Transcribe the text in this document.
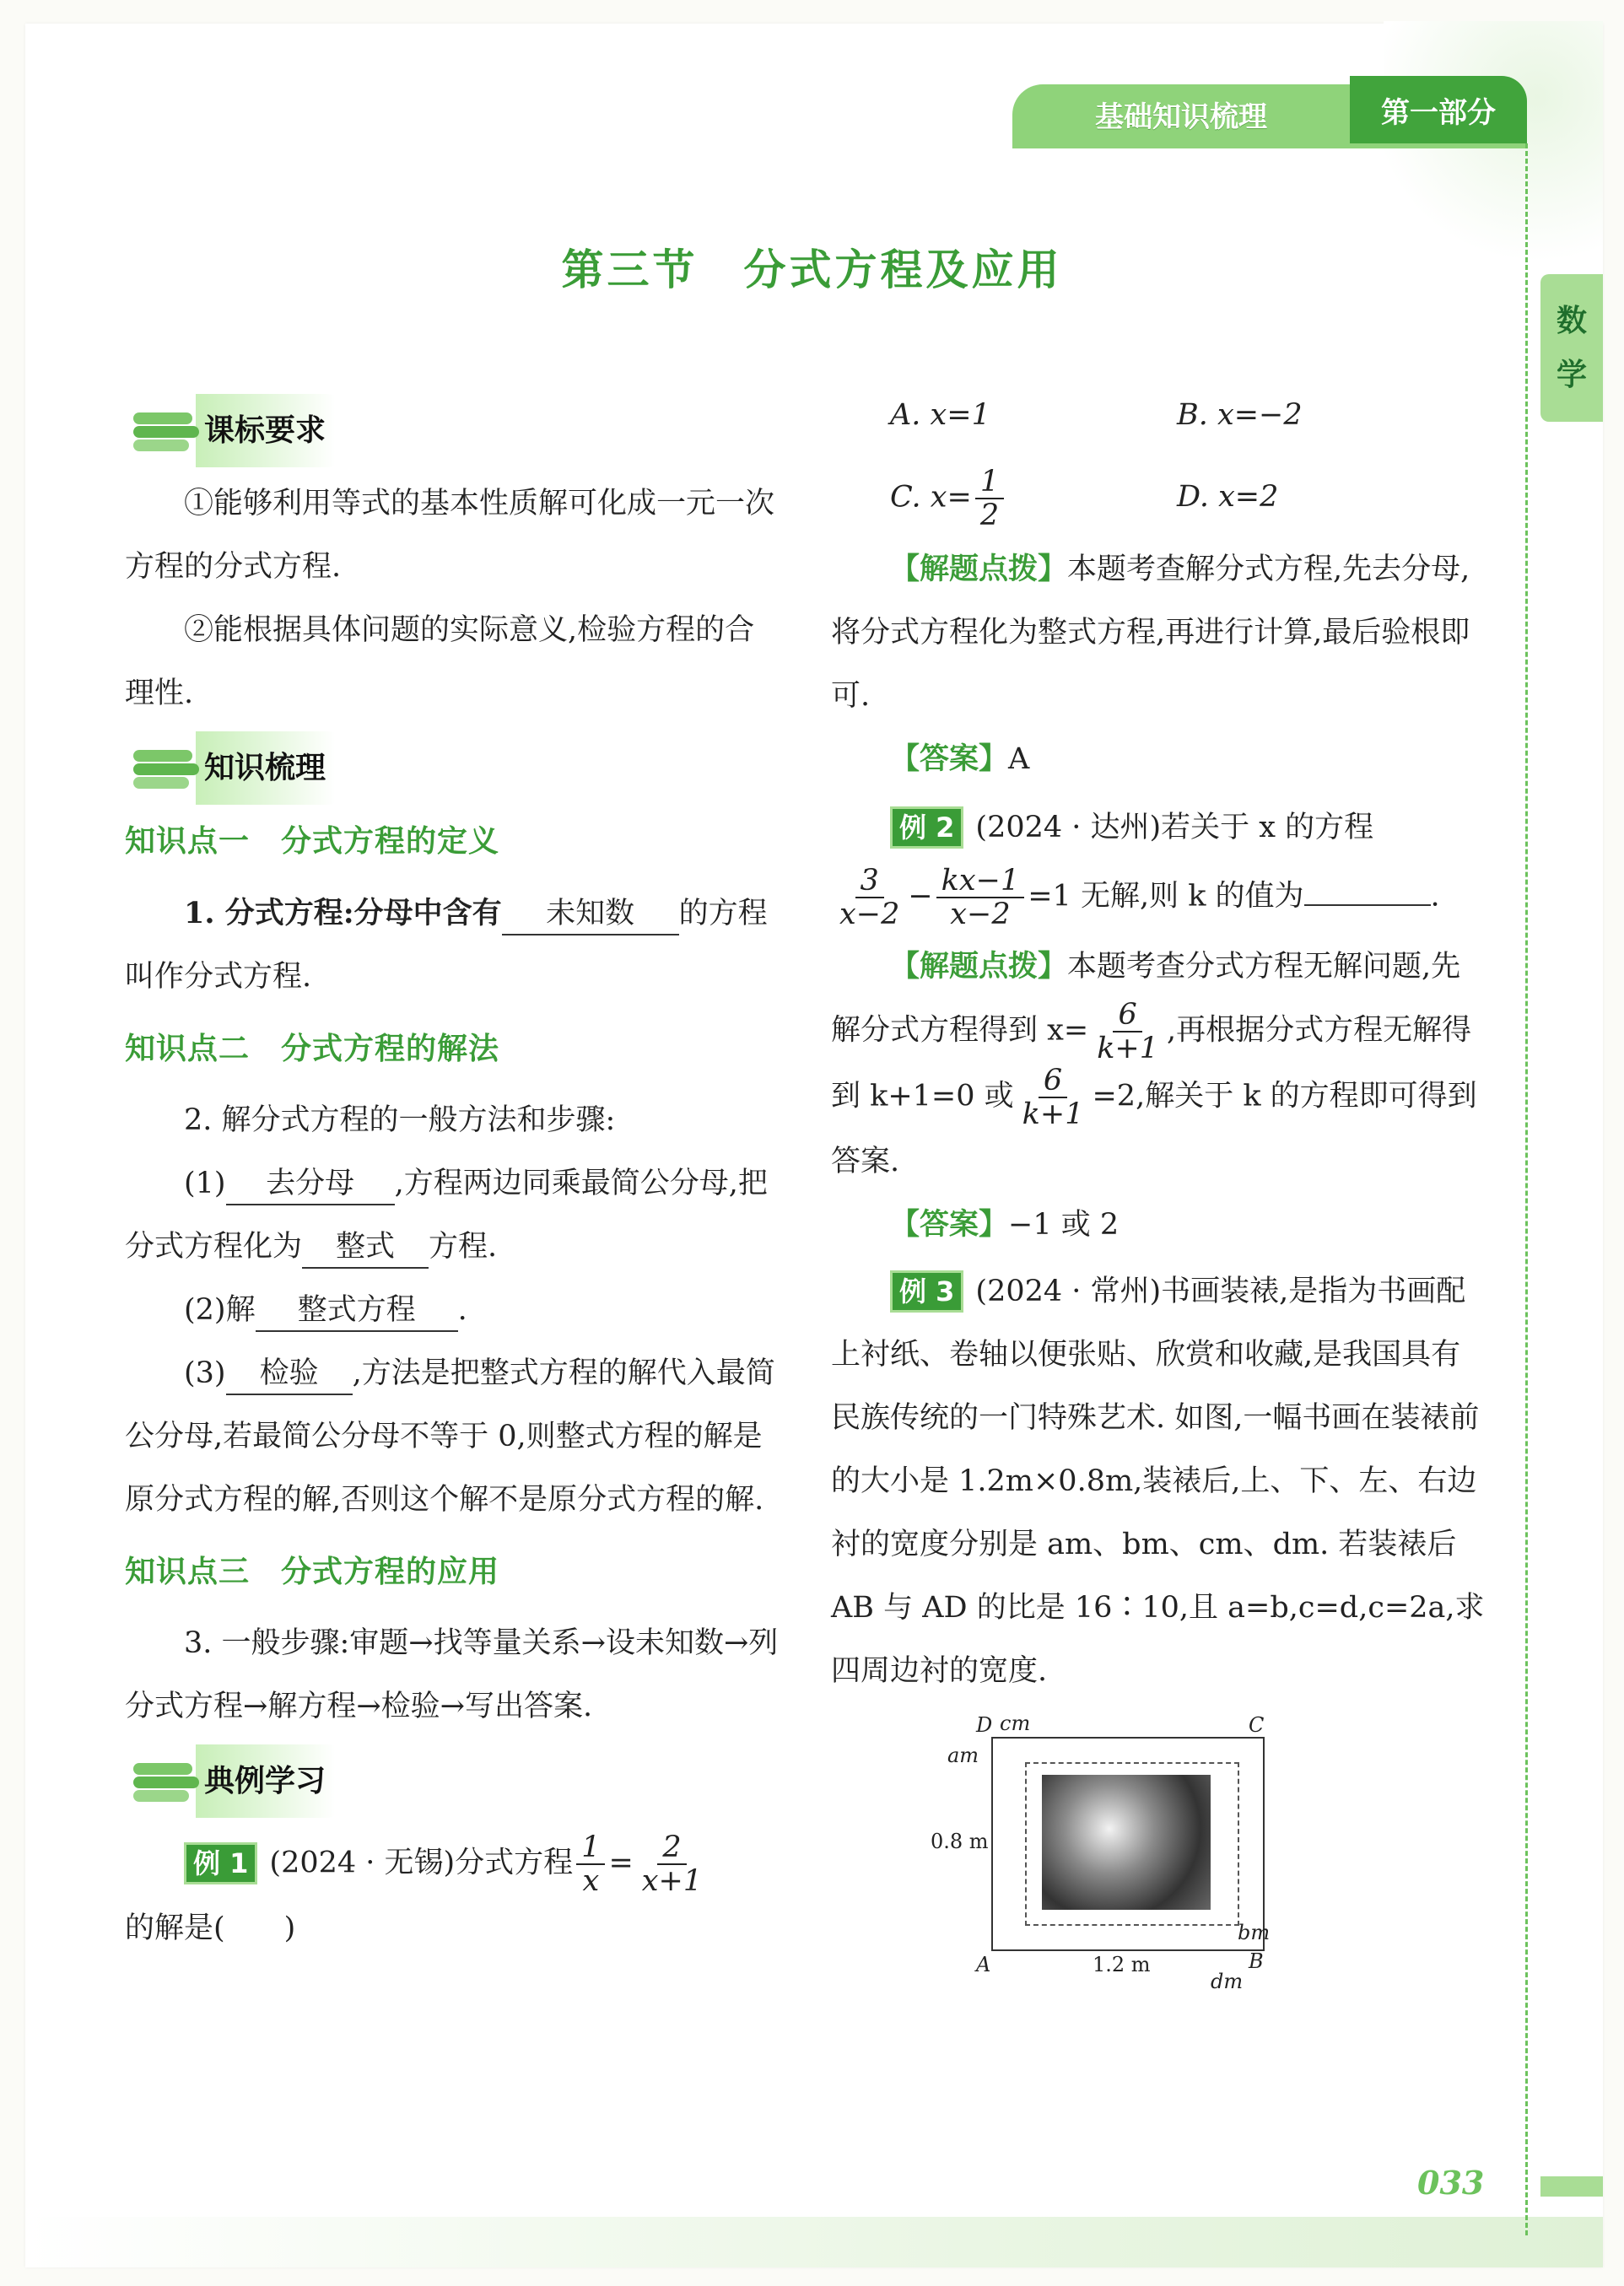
基础知识梳理	第一部分
数
学
第三节　分式方程及应用
课标要求
①能够利用等式的基本性质解可化成一元一次方程的分式方程.
②能根据具体问题的实际意义,检验方程的合理性.
知识梳理
知识点一　分式方程的定义
1. 分式方程:分母中含有 未知数 的方程叫作分式方程.
知识点二　分式方程的解法
2. 解分式方程的一般方法和步骤:
(1) 去分母 ,方程两边同乘最简公分母,把分式方程化为 整式 方程.
(2)解 整式方程 .
(3) 检验 ,方法是把整式方程的解代入最简公分母,若最简公分母不等于 0,则整式方程的解是原分式方程的解,否则这个解不是原分式方程的解.
知识点三　分式方程的应用
3. 一般步骤:审题→找等量关系→设未知数→列分式方程→解方程→检验→写出答案.
典例学习
例 1 (2024 · 无锡)分式方程 $\frac{1}{x} = \frac{2}{x+1}$
的解是(　　)
A. x=1	B. x=−2
C. $x= \frac{1}{2}$	D. x=2
【解题点拨】本题考查解分式方程,先去分母,将分式方程化为整式方程,再进行计算,最后验根即可.
【答案】A
例 2 (2024 · 达州)若关于 x 的方程
$\frac{3}{x-2} - \frac{kx-1}{x-2} =1$ 无解,则 k 的值为	.
【解题点拨】本题考查分式方程无解问题,先解分式方程得到 $x= \frac{6}{k+1}$ ,再根据分式方程无解得到 k+1=0 或 $\frac{6}{k+1} =2$,解关于 k 的方程即可得到答案.
【答案】−1 或 2
例 3 (2024 · 常州)书画装裱,是指为书画配上衬纸、卷轴以便张贴、欣赏和收藏,是我国具有民族传统的一门特殊艺术. 如图,一幅书画在装裱前的大小是 1.2m×0.8m,装裱后,上、下、左、右边衬的宽度分别是 am、bm、cm、dm. 若装裱后 AB 与 AD 的比是 16∶10,且 a=b,c=d,c=2a,求四周边衬的宽度.
D cm	C
am
0.8 m
bm
A	1.2 m	B
dm
033
